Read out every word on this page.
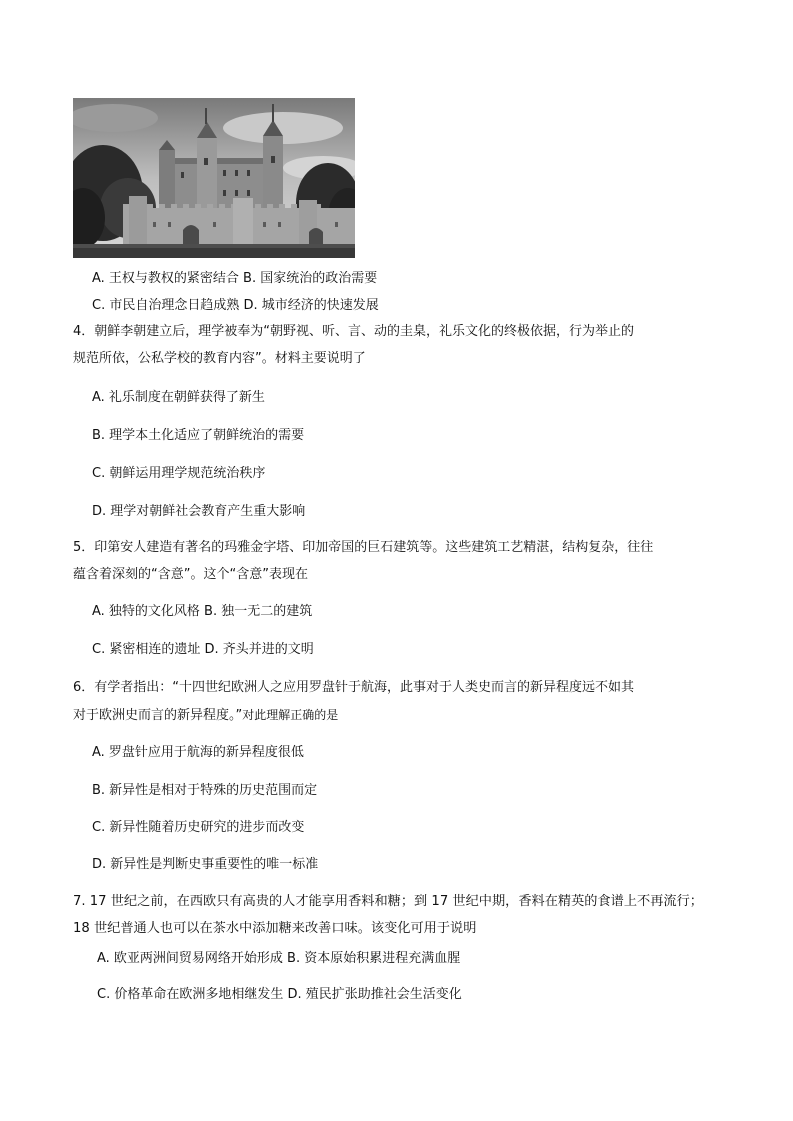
A. 王权与教权的紧密结合 B. 国家统治的政治需要
C. 市民自治理念日趋成熟 D. 城市经济的快速发展
4．朝鲜李朝建立后，理学被奉为“朝野视、听、言、动的圭臬，礼乐文化的终极依据，行为举止的
规范所依，公私学校的教育内容”。材料主要说明了
A. 礼乐制度在朝鲜获得了新生
B. 理学本土化适应了朝鲜统治的需要
C. 朝鲜运用理学规范统治秩序
D. 理学对朝鲜社会教育产生重大影响
5．印第安人建造有著名的玛雅金字塔、印加帝国的巨石建筑等。这些建筑工艺精湛，结构复杂，往往
蕴含着深刻的“含意”。这个“含意”表现在
A. 独特的文化风格 B. 独一无二的建筑
C. 紧密相连的遗址 D. 齐头并进的文明
6．有学者指出：“十四世纪欧洲人之应用罗盘针于航海，此事对于人类史而言的新异程度远不如其
对于欧洲史而言的新异程度。”对此理解正确的是
A. 罗盘针应用于航海的新异程度很低
B. 新异性是相对于特殊的历史范围而定
C. 新异性随着历史研究的进步而改变
D. 新异性是判断史事重要性的唯一标准
7. 17 世纪之前，在西欧只有高贵的人才能享用香料和糖；到 17 世纪中期，香料在精英的食谱上不再流行；
18 世纪普通人也可以在茶水中添加糖来改善口味。该变化可用于说明
A. 欧亚两洲间贸易网络开始形成 B. 资本原始积累进程充满血腥
C. 价格革命在欧洲多地相继发生 D. 殖民扩张助推社会生活变化
